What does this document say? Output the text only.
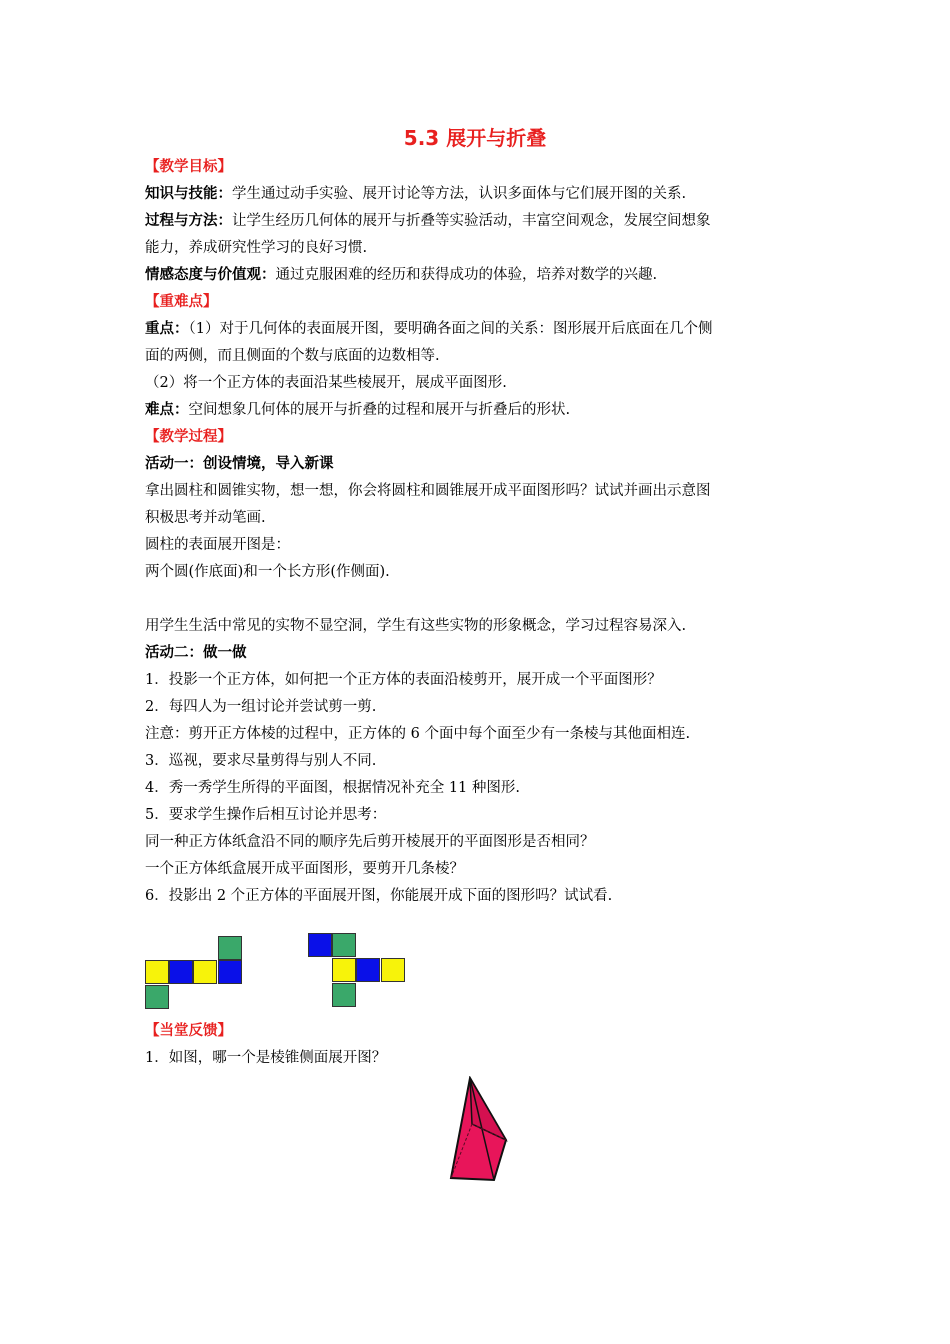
5.3 展开与折叠
【教学目标】
知识与技能：学生通过动手实验、展开讨论等方法，认识多面体与它们展开图的关系.
过程与方法：让学生经历几何体的展开与折叠等实验活动，丰富空间观念，发展空间想象
能力，养成研究性学习的良好习惯.
情感态度与价值观：通过克服困难的经历和获得成功的体验，培养对数学的兴趣.
【重难点】
重点：（1）对于几何体的表面展开图，要明确各面之间的关系：图形展开后底面在几个侧
面的两侧，而且侧面的个数与底面的边数相等.
（2）将一个正方体的表面沿某些棱展开，展成平面图形.
难点：空间想象几何体的展开与折叠的过程和展开与折叠后的形状.
【教学过程】
活动一：创设情境，导入新课
拿出圆柱和圆锥实物，想一想，你会将圆柱和圆锥展开成平面图形吗？试试并画出示意图
积极思考并动笔画.
圆柱的表面展开图是：
两个圆(作底面)和一个长方形(作侧面).
用学生生活中常见的实物不显空洞，学生有这些实物的形象概念，学习过程容易深入.
活动二：做一做
1．投影一个正方体，如何把一个正方体的表面沿棱剪开，展开成一个平面图形？
2．每四人为一组讨论并尝试剪一剪.
注意：剪开正方体棱的过程中，正方体的 6 个面中每个面至少有一条棱与其他面相连.
3．巡视，要求尽量剪得与别人不同.
4．秀一秀学生所得的平面图，根据情况补充全 11 种图形.
5．要求学生操作后相互讨论并思考：
同一种正方体纸盒沿不同的顺序先后剪开棱展开的平面图形是否相同？
一个正方体纸盒展开成平面图形，要剪开几条棱？
6．投影出 2 个正方体的平面展开图，你能展开成下面的图形吗？试试看.
【当堂反馈】
1．如图，哪一个是棱锥侧面展开图？
